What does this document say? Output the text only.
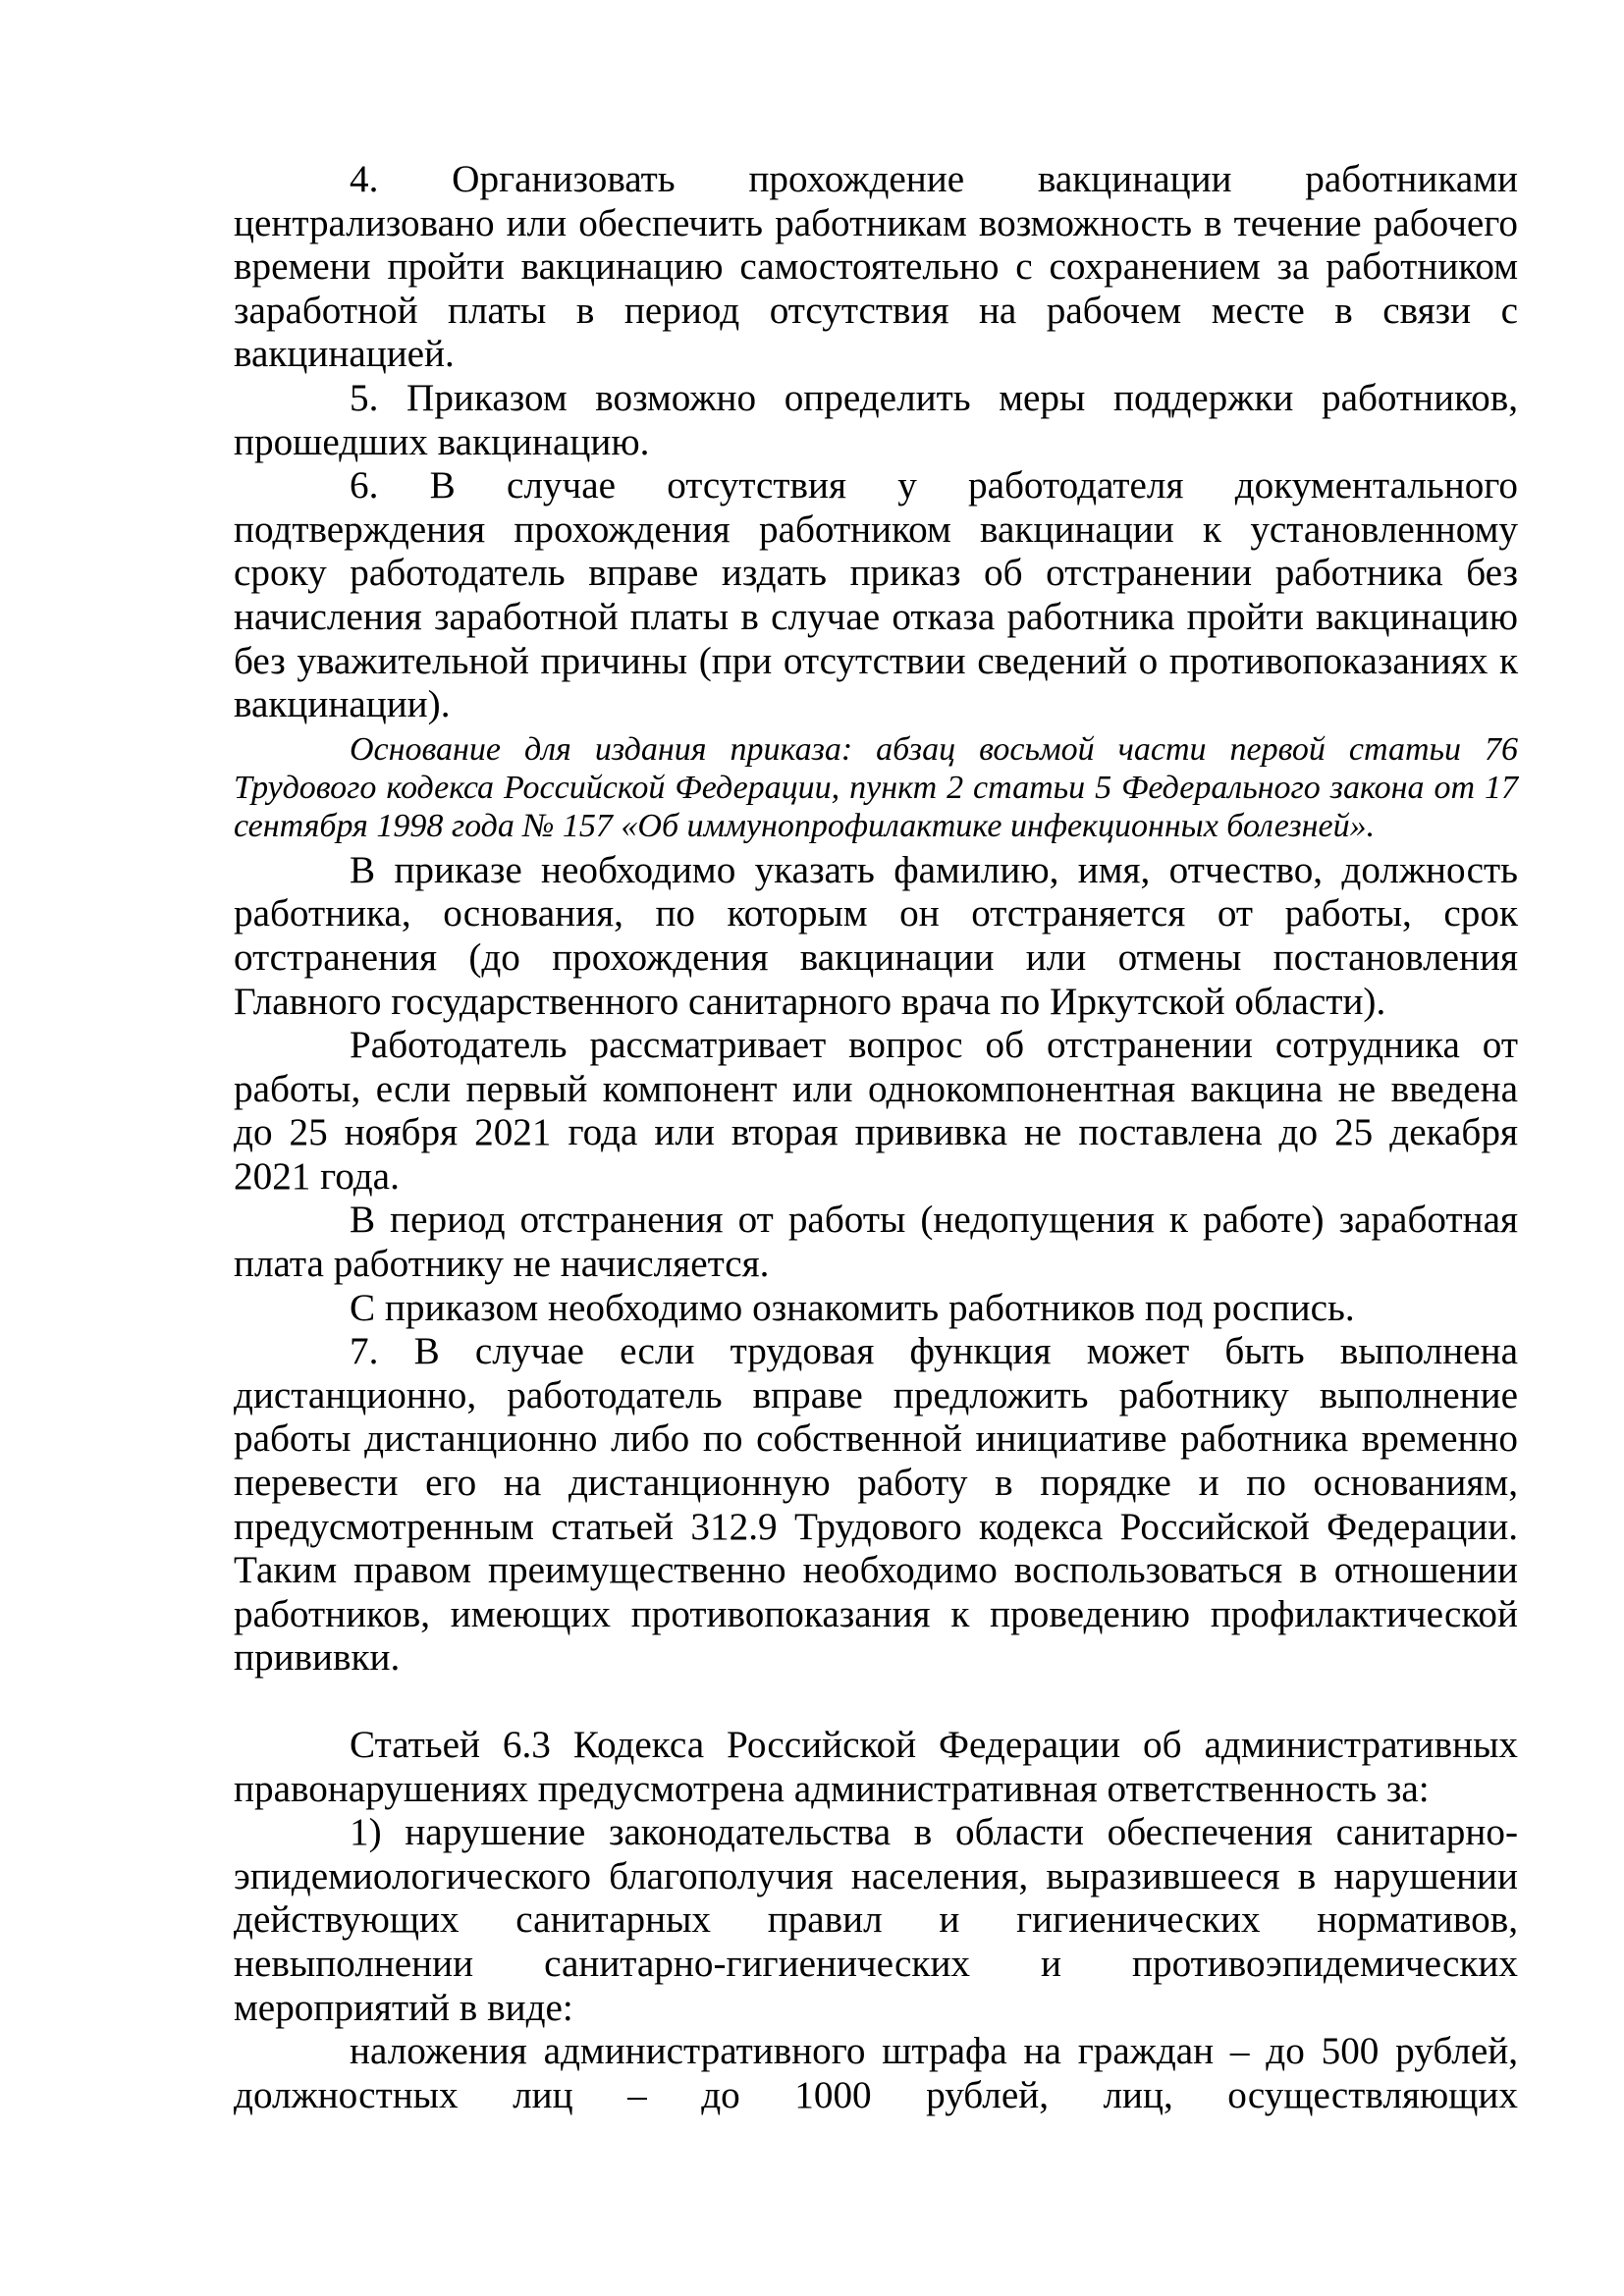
4. Организовать прохождение вакцинации работниками централизовано или обеспечить работникам возможность в течение рабочего времени пройти вакцинацию самостоятельно с сохранением за работником заработной платы в период отсутствия на рабочем месте в связи с вакцинацией.

5. Приказом возможно определить меры поддержки работников, прошедших вакцинацию.

6. В случае отсутствия у работодателя документального подтверждения прохождения работником вакцинации к установленному сроку работодатель вправе издать приказ об отстранении работника без начисления заработной платы в случае отказа работника пройти вакцинацию без уважительной причины (при отсутствии сведений о противопоказаниях к вакцинации).

Основание для издания приказа: абзац восьмой части первой статьи 76 Трудового кодекса Российской Федерации, пункт 2 статьи 5 Федерального закона от 17 сентября 1998 года № 157 «Об иммунопрофилактике инфекционных болезней».

В приказе необходимо указать фамилию, имя, отчество, должность работника, основания, по которым он отстраняется от работы, срок отстранения (до прохождения вакцинации или отмены постановления Главного государственного санитарного врача по Иркутской области).

Работодатель рассматривает вопрос об отстранении сотрудника от работы, если первый компонент или однокомпонентная вакцина не введена до 25 ноября 2021 года или вторая прививка не поставлена до 25 декабря 2021 года.

В период отстранения от работы (недопущения к работе) заработная плата работнику не начисляется.

С приказом необходимо ознакомить работников под роспись.

7. В случае если трудовая функция может быть выполнена дистанционно, работодатель вправе предложить работнику выполнение работы дистанционно либо по собственной инициативе работника временно перевести его на дистанционную работу в порядке и по основаниям, предусмотренным статьей 312.9 Трудового кодекса Российской Федерации. Таким правом преимущественно необходимо воспользоваться в отношении работников, имеющих противопоказания к проведению профилактической прививки.

Статьей 6.3 Кодекса Российской Федерации об административных правонарушениях предусмотрена административная ответственность за:

1) нарушение законодательства в области обеспечения санитарно-эпидемиологического благополучия населения, выразившееся в нарушении действующих санитарных правил и гигиенических нормативов, невыполнении санитарно-гигиенических и противоэпидемических мероприятий в виде:

наложения административного штрафа на граждан – до 500 рублей, должностных лиц – до 1000 рублей, лиц, осуществляющих
